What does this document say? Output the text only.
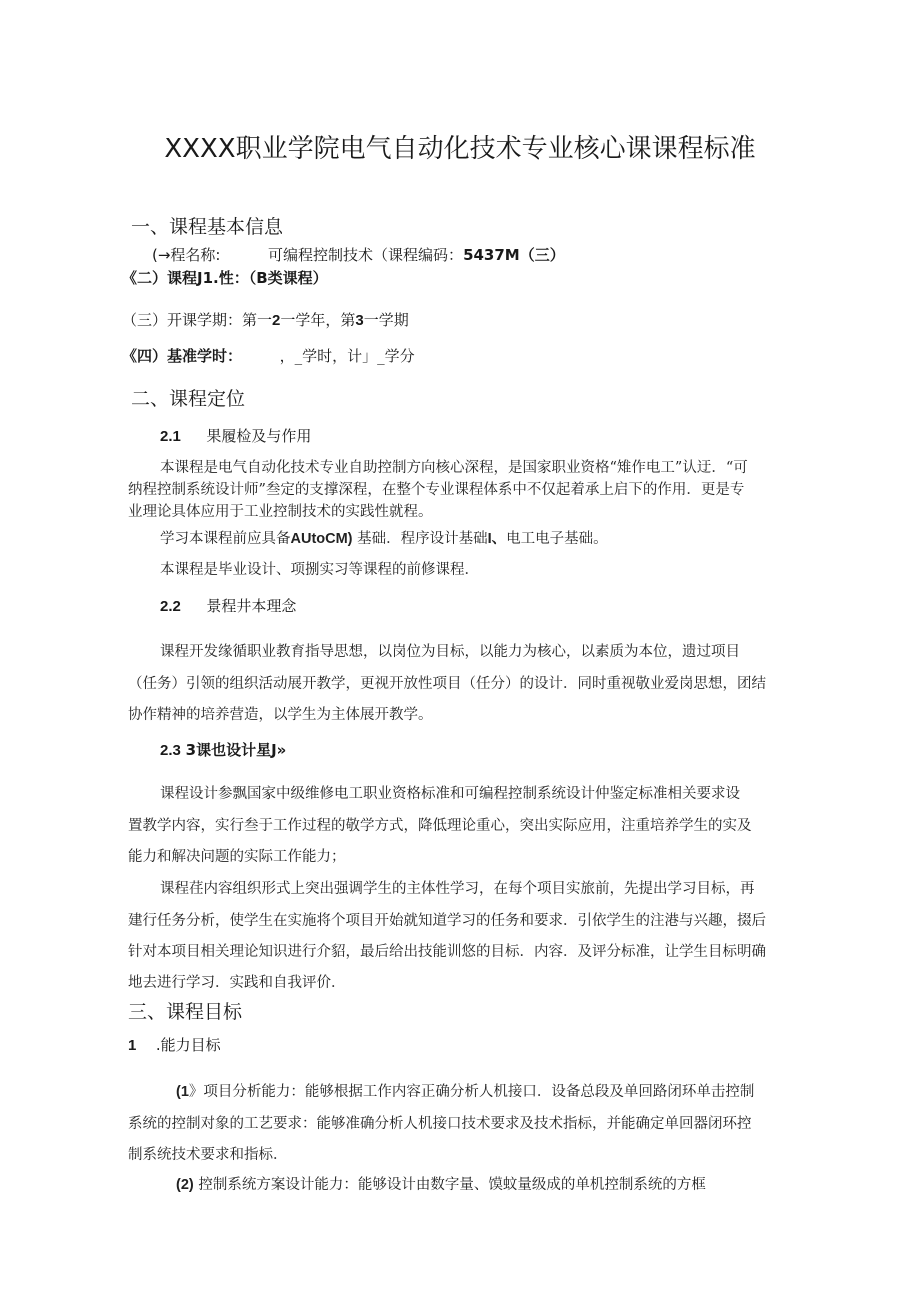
XXXX职业学院电气自动化技术专业核心课课程标准
一、课程基本信息
(→程名称:	可编程控制技术（课程编码：5437M（三）
《二）课程J1.性：（B类课程）
（三）开课学期：第一2一学年，第3一学期
《四）基准学时：	，_学时，计」_学分
二、课程定位
2.1 果履检及与作用
本课程是电气自动化技术专业自助控制方向核心深程，是国家职业资格“雉作电工”认迂．“可
纳程控制系统设计师”叁定的支撑深程，在整个专业课程体系中不仅起着承上启下的作用．更是专
业理论具体应用于工业控制技术的实践性就程。
学习本课程前应具备AUtoCM) 基础．程序设计基础I、电工电子基础。
本课程是毕业设计、项捌实习等课程的前修课程．
2.2 景程井本理念
课程开发缘循职业教育指导思想，以岗位为目标，以能力为核心，以素质为本位，遗过项目
（任务）引领的组织活动展开教学，更视开放性项目（任分）的设计．同时重视敬业爱岗思想，团结
协作精神的培养营造，以学生为主体展开教学。
2.3 3课也设计星J»
课程设计参飘国家中级维修电工职业资格标准和可编程控制系统设计仲鉴定标准相关要求设
置教学内容，实行叁于工作过程的敬学方式，降低理论重心，突出实际应用，注重培养学生的实及
能力和解决问题的实际工作能力；
课程荏内容组织形式上突出强调学生的主体性学习，在每个项目实旅前，先提出学习目标，再
建行任务分析，使学生在实施将个项目开始就知道学习的任务和要求．引依学生的注港与兴趣，掇后
针对本项目相关理论知识进行介貂，最后给出技能训悠的目标．内容．及评分标准，让学生目标明确
地去进行学习．实践和自我评价．
三、课程目标
1 .能力目标
(1》项目分析能力：能够根据工作内容正确分析人机接口．设备总段及单回路闭环单击控制
系统的控制对象的工艺要求：能够准确分析人机接口技术要求及技术指标，并能确定单回器闭环控
制系统技术要求和指标．
(2) 控制系统方案设计能力：能够设计由数字量、馍蚊量级成的单机控制系统的方框
